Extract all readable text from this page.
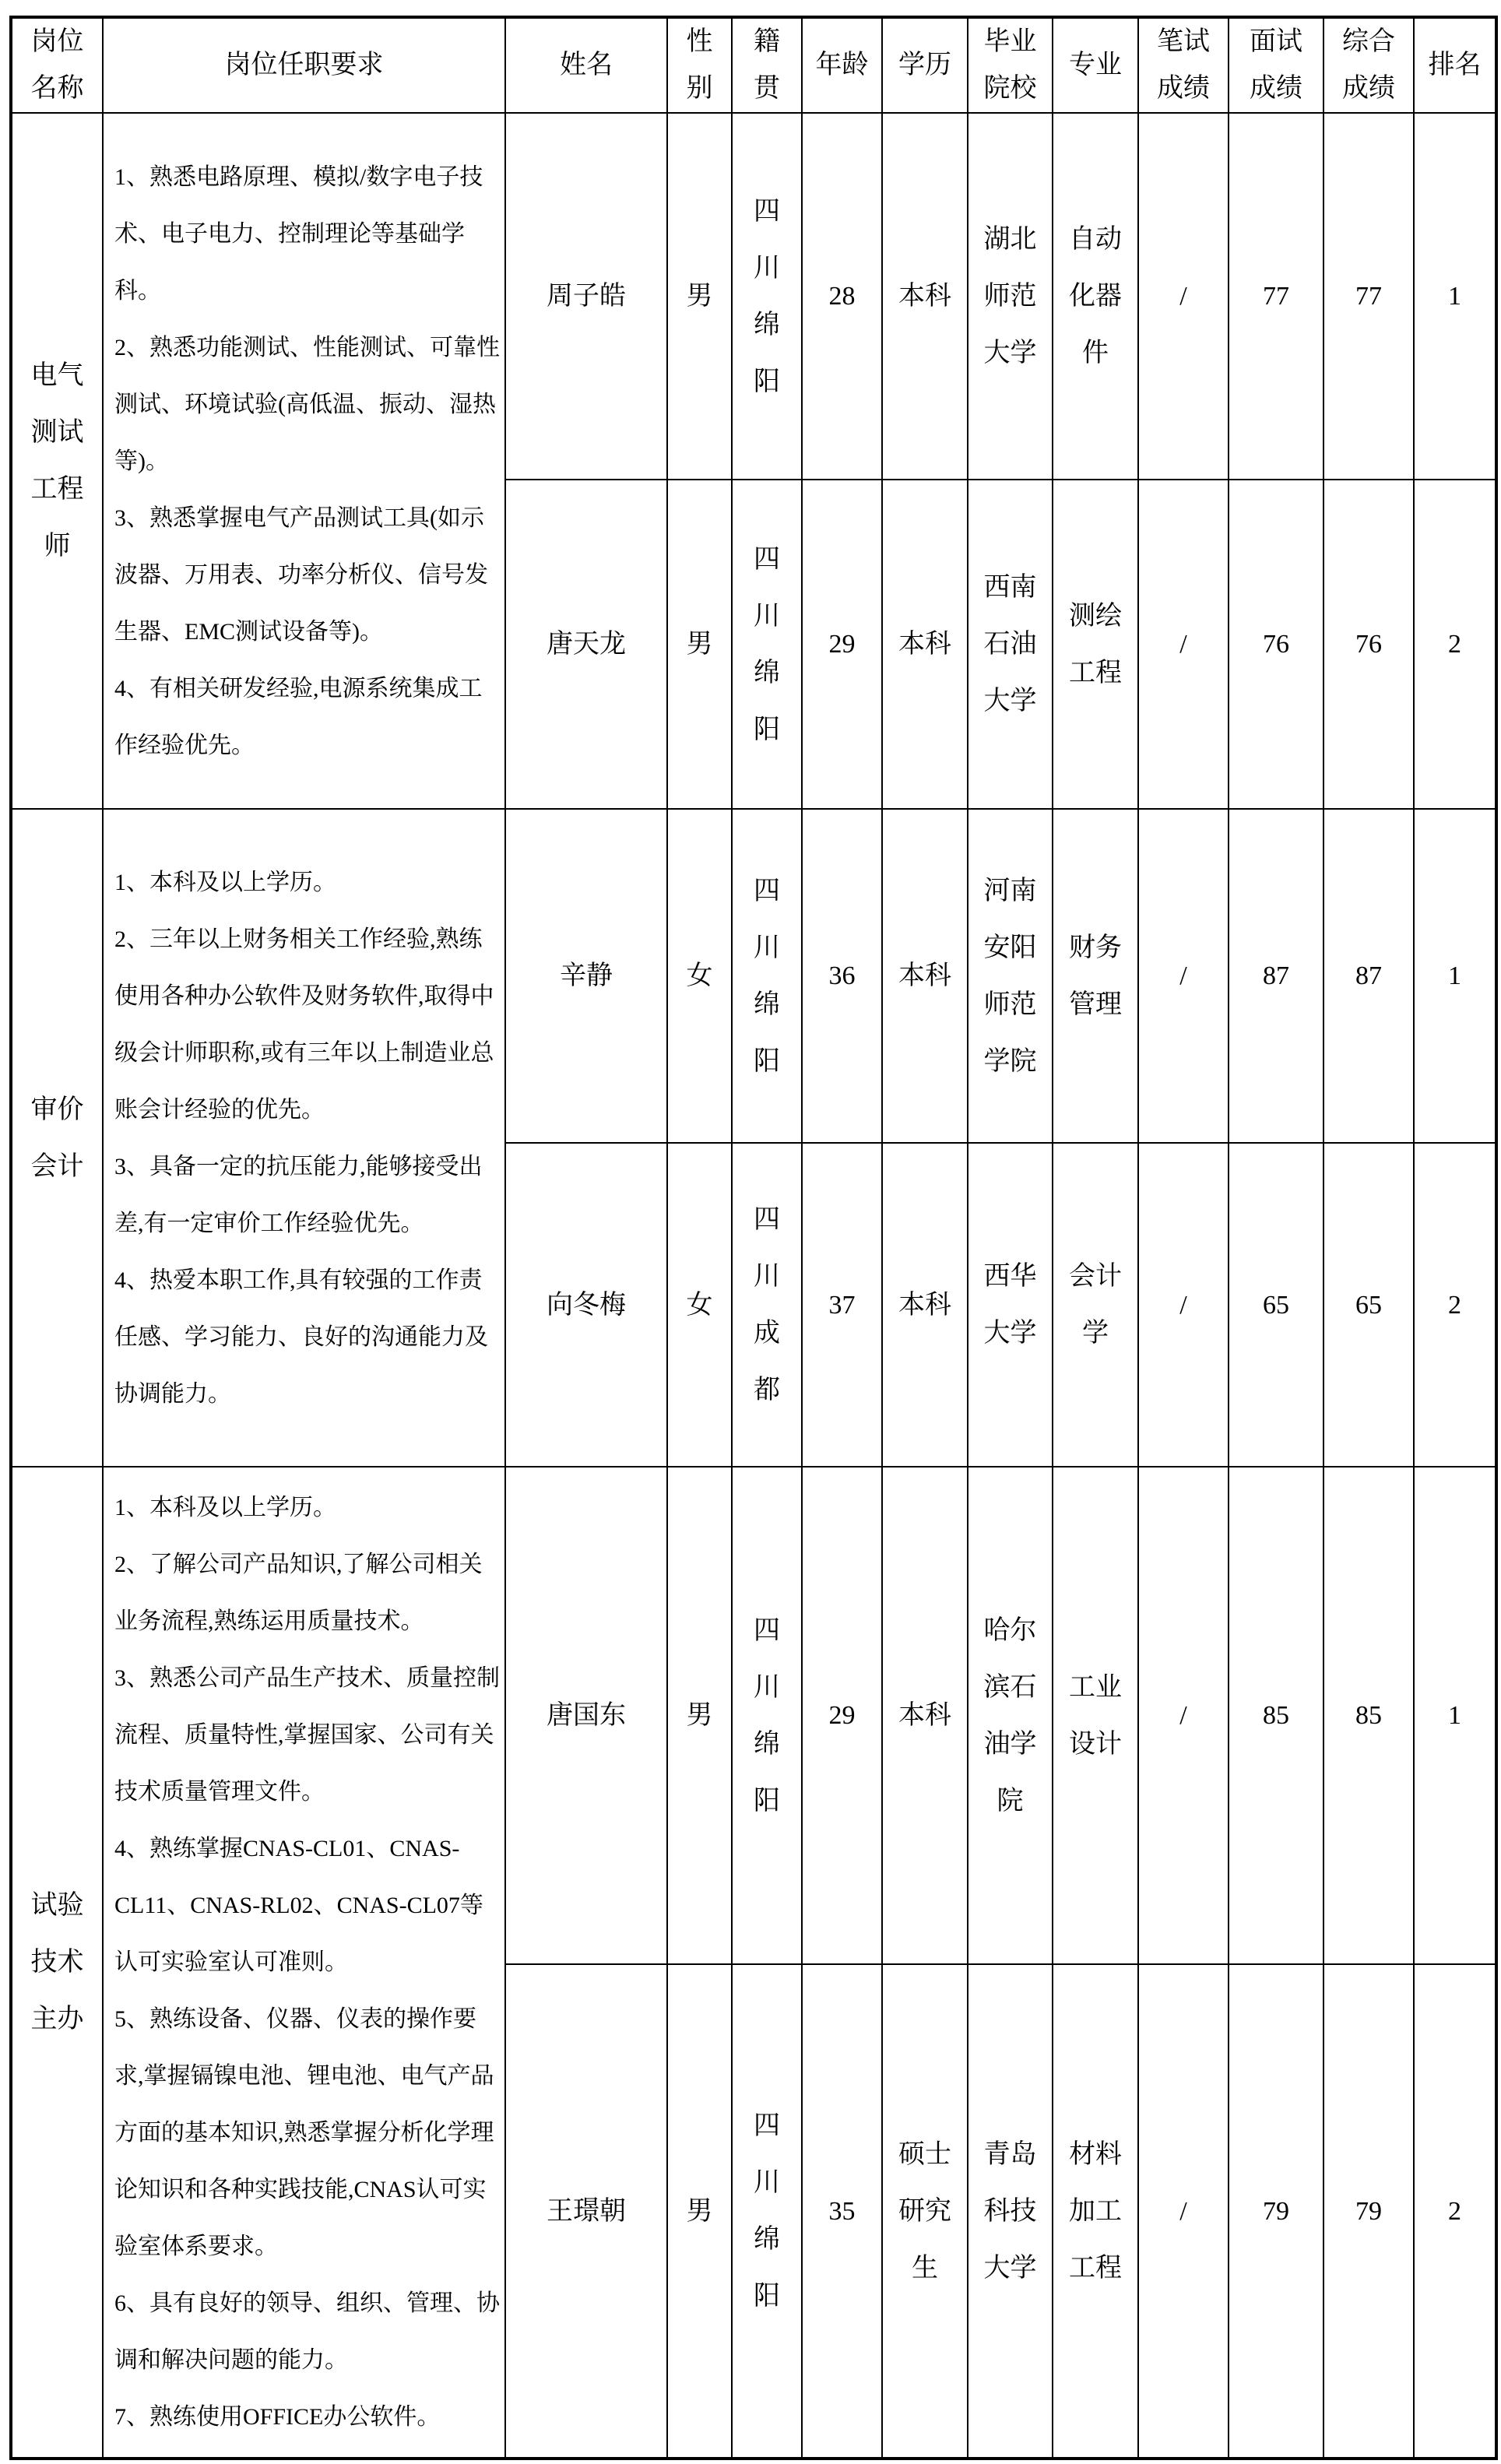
岗位名称	岗位任职要求	姓名	性别	籍贯	年龄	学历	毕业院校	专业	笔试成绩	面试成绩	综合成绩	排名
电气测试工程师	1、熟悉电路原理、模拟/数字电子技术、电子电力、控制理论等基础学科。

2、熟悉功能测试、性能测试、可靠性测试、环境试验(高低温、振动、湿热等)。

3、熟悉掌握电气产品测试工具(如示波器、万用表、功率分析仪、信号发生器、EMC测试设备等)。

4、有相关研发经验,电源系统集成工作经验优先。	周子皓	男	四川绵阳	28	本科	湖北师范大学	自动化器件	/	77	77	1
		唐天龙	男	四川绵阳	29	本科	西南石油大学	测绘工程	/	76	76	2
审价会计	1、本科及以上学历。

2、三年以上财务相关工作经验,熟练使用各种办公软件及财务软件,取得中级会计师职称,或有三年以上制造业总账会计经验的优先。

3、具备一定的抗压能力,能够接受出差,有一定审价工作经验优先。

4、热爱本职工作,具有较强的工作责任感、学习能力、良好的沟通能力及协调能力。	辛静	女	四川绵阳	36	本科	河南安阳师范学院	财务管理	/	87	87	1
		向冬梅	女	四川成都	37	本科	西华大学	会计学	/	65	65	2
试验技术主办	

1、本科及以上学历。

2、了解公司产品知识,了解公司相关业务流程,熟练运用质量技术。

3、熟悉公司产品生产技术、质量控制流程、质量特性,掌握国家、公司有关技术质量管理文件。

4、熟练掌握CNAS-CL01、CNAS-CL11、CNAS-RL02、CNAS-CL07等认可实验室认可准则。

5、熟练设备、仪器、仪表的操作要求,掌握镉镍电池、锂电池、电气产品方面的基本知识,熟悉掌握分析化学理论知识和各种实践技能,CNAS认可实验室体系要求。

6、具有良好的领导、组织、管理、协调和解决问题的能力。

7、熟练使用OFFICE办公软件。

	唐国东	男	四川绵阳	29	本科	哈尔滨石油学院	工业设计	/	85	85	1
		王璟朝	男	四川绵阳	35	硕士研究生	青岛科技大学	材料加工工程	/	79	79	2
